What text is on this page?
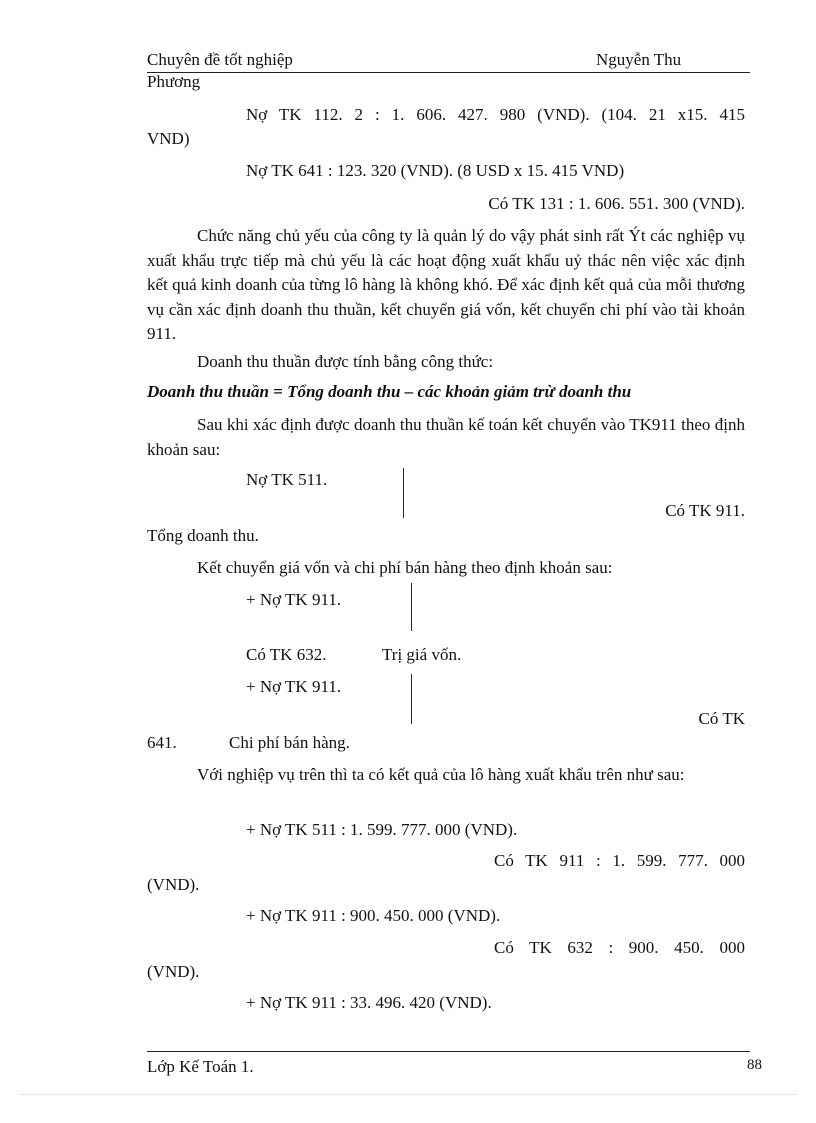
Chuyên đề tốt nghiệp	Nguyễn Thu
Phương
Nợ TK 112. 2 : 1. 606. 427. 980 (VND). (104. 21 x15. 415
VND)
Nợ TK 641 : 123. 320 (VND). (8 USD x 15. 415 VND)
Có TK 131 : 1. 606. 551. 300 (VND).
Chức năng chủ yếu của công ty là quản lý do vậy phát sinh rất Ýt các nghiệp vụ xuất khẩu trực tiếp mà chủ yếu là các hoạt động xuất khẩu uỷ thác nên việc xác định kết quả kinh doanh của từng lô hàng là không khó. Để xác định kết quả của mỗi thương vụ cần xác định doanh thu thuần, kết chuyển giá vốn, kết chuyển chi phí vào tài khoản 911.
Doanh thu thuần được tính bằng công thức:
Doanh thu thuần = Tổng doanh thu – các khoản giảm trừ doanh thu
Sau khi xác định được doanh thu thuần kế toán kết chuyển vào TK911 theo định khoản sau:
Nợ TK 511.
Có TK 911.
Tổng doanh thu.
Kết chuyển giá vốn và chi phí bán hàng theo định khoản sau:
+ Nợ TK 911.
Có TK 632.	Trị giá vốn.
+ Nợ TK 911.
Có TK
641.	Chi phí bán hàng.
Với nghiệp vụ trên thì ta có kết quả của lô hàng xuất khẩu trên như sau:
+ Nợ TK 511 : 1. 599. 777. 000 (VND).
Có TK 911 : 1. 599. 777. 000
(VND).
+ Nợ TK 911 : 900. 450. 000 (VND).
Có TK 632 : 900. 450. 000
(VND).
+ Nợ TK 911 : 33. 496. 420 (VND).
Lớp Kế Toán 1.	88
